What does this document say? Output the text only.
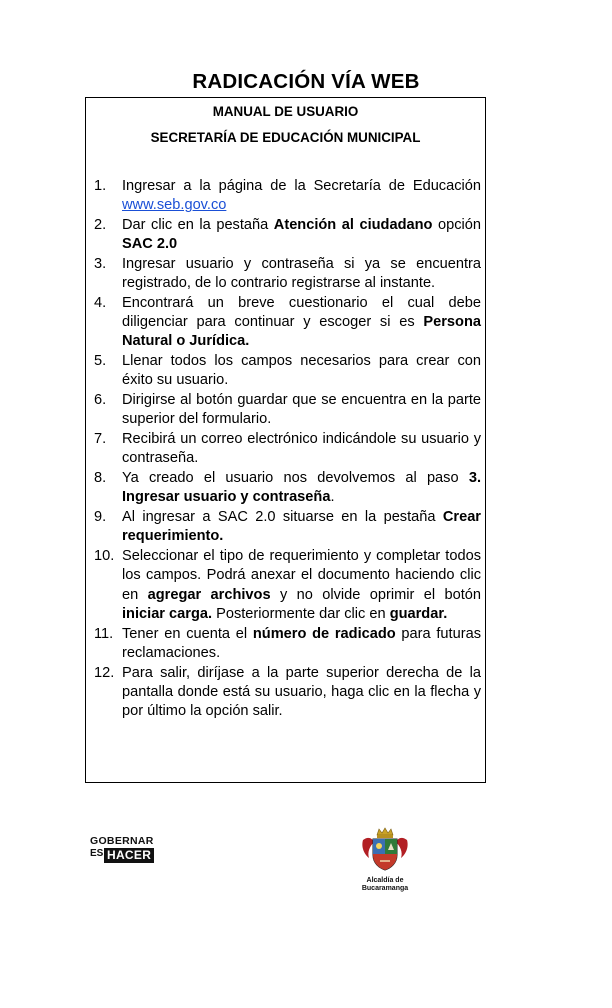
RADICACIÓN VÍA WEB
MANUAL DE USUARIO
SECRETARÍA DE EDUCACIÓN MUNICIPAL
1. Ingresar a la página de la Secretaría de Educación www.seb.gov.co
2. Dar clic en la pestaña Atención al ciudadano opción SAC 2.0
3. Ingresar usuario y contraseña si ya se encuentra registrado, de lo contrario registrarse al instante.
4. Encontrará un breve cuestionario el cual debe diligenciar para continuar y escoger si es Persona Natural o Jurídica.
5. Llenar todos los campos necesarios para crear con éxito su usuario.
6. Dirigirse al botón guardar que se encuentra en la parte superior del formulario.
7. Recibirá un correo electrónico indicándole su usuario y contraseña.
8. Ya creado el usuario nos devolvemos al paso 3. Ingresar usuario y contraseña.
9. Al ingresar a SAC 2.0 situarse en la pestaña Crear requerimiento.
10. Seleccionar el tipo de requerimiento y completar todos los campos. Podrá anexar el documento haciendo clic en agregar archivos y no olvide oprimir el botón iniciar carga. Posteriormente dar clic en guardar.
11. Tener en cuenta el número de radicado para futuras reclamaciones.
12. Para salir, diríjase a la parte superior derecha de la pantalla donde está su usuario, haga clic en la flecha y por último la opción salir.
GOBERNAR
ES HACER
Alcaldía de
Bucaramanga
